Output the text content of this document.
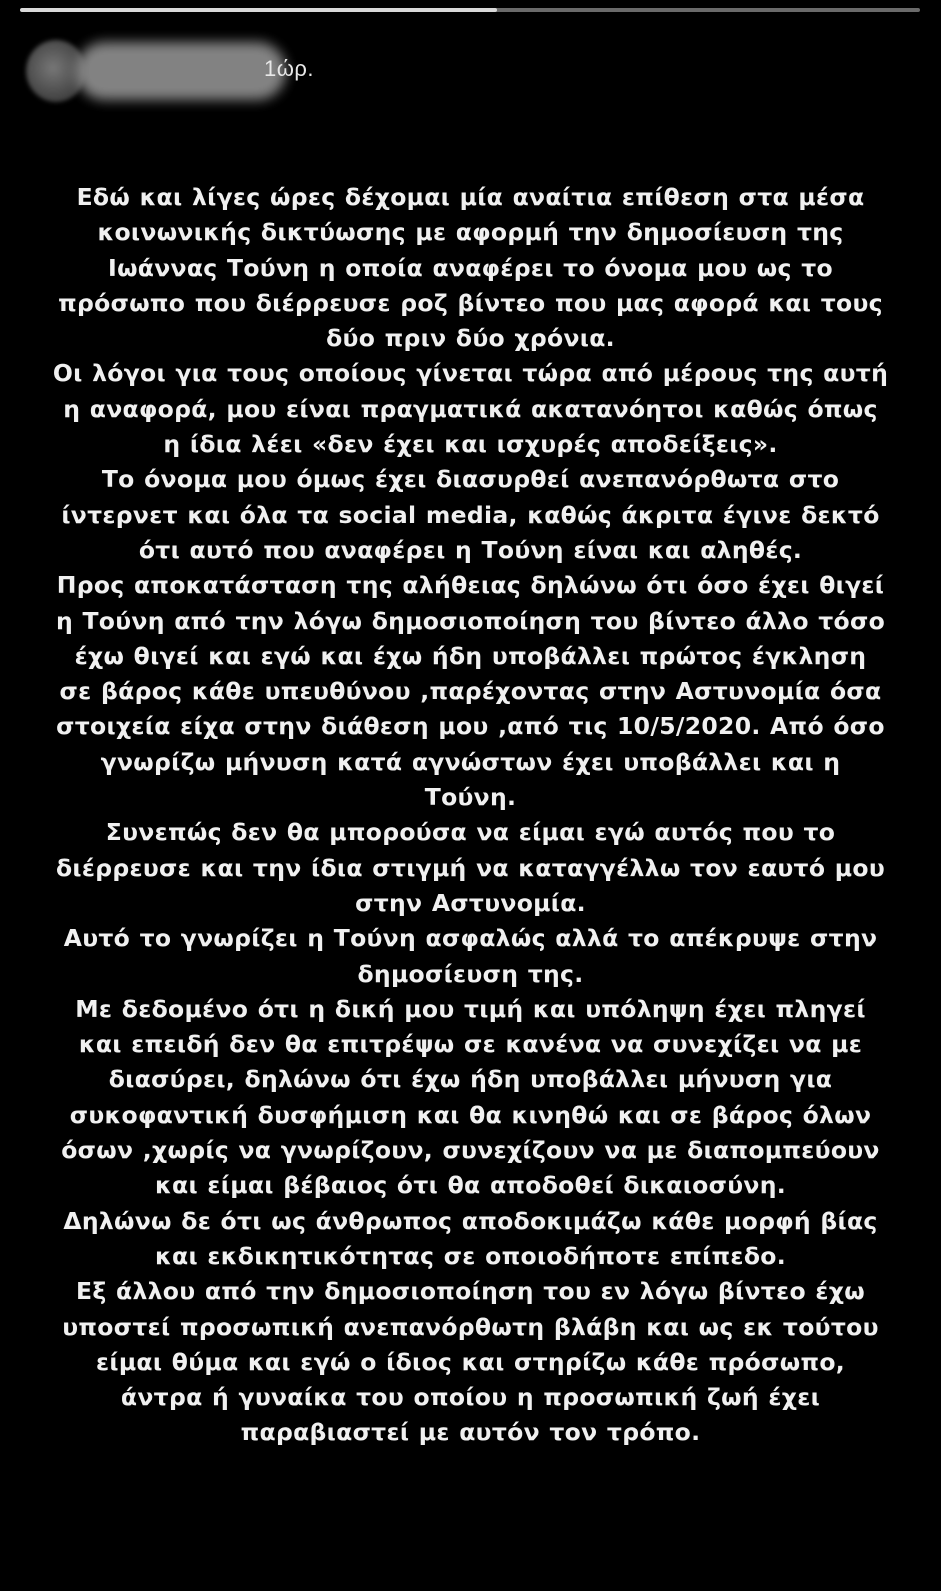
1ώρ.
Εδώ και λίγες ώρες δέχομαι μία αναίτια επίθεση στα μέσα
κοινωνικής δικτύωσης με αφορμή την δημοσίευση της
Ιωάννας Τούνη η οποία αναφέρει το όνομα μου ως το
πρόσωπο που διέρρευσε ροζ βίντεο που μας αφορά και τους
δύο πριν δύο χρόνια.
Οι λόγοι για τους οποίους γίνεται τώρα από μέρους της αυτή
η αναφορά, μου είναι πραγματικά ακατανόητοι καθώς όπως
η ίδια λέει «δεν έχει και ισχυρές αποδείξεις».
Το όνομα μου όμως έχει διασυρθεί ανεπανόρθωτα στο
ίντερνετ και όλα τα social media, καθώς άκριτα έγινε δεκτό
ότι αυτό που αναφέρει η Τούνη είναι και αληθές.
Προς αποκατάσταση της αλήθειας δηλώνω ότι όσο έχει θιγεί
η Τούνη από την λόγω δημοσιοποίηση του βίντεο άλλο τόσο
έχω θιγεί και εγώ και έχω ήδη υποβάλλει πρώτος έγκληση
σε βάρος κάθε υπευθύνου ,παρέχοντας στην Αστυνομία όσα
στοιχεία είχα στην διάθεση μου ,από τις 10/5/2020. Από όσο
γνωρίζω μήνυση κατά αγνώστων έχει υποβάλλει και η
Τούνη.
Συνεπώς δεν θα μπορούσα να είμαι εγώ αυτός που το
διέρρευσε και την ίδια στιγμή να καταγγέλλω τον εαυτό μου
στην Αστυνομία.
Αυτό το γνωρίζει η Τούνη ασφαλώς αλλά το απέκρυψε στην
δημοσίευση της.
Με δεδομένο ότι η δική μου τιμή και υπόληψη έχει πληγεί
και επειδή δεν θα επιτρέψω σε κανένα να συνεχίζει να με
διασύρει, δηλώνω ότι έχω ήδη υποβάλλει μήνυση για
συκοφαντική δυσφήμιση και θα κινηθώ και σε βάρος όλων
όσων ,χωρίς να γνωρίζουν, συνεχίζουν να με διαπομπεύουν
και είμαι βέβαιος ότι θα αποδοθεί δικαιοσύνη.
Δηλώνω δε ότι ως άνθρωπος αποδοκιμάζω κάθε μορφή βίας
και εκδικητικότητας σε οποιοδήποτε επίπεδο.
Εξ άλλου από την δημοσιοποίηση του εν λόγω βίντεο έχω
υποστεί προσωπική ανεπανόρθωτη βλάβη και ως εκ τούτου
είμαι θύμα και εγώ ο ίδιος και στηρίζω κάθε πρόσωπο,
άντρα ή γυναίκα του οποίου η προσωπική ζωή έχει
παραβιαστεί με αυτόν τον τρόπο.
